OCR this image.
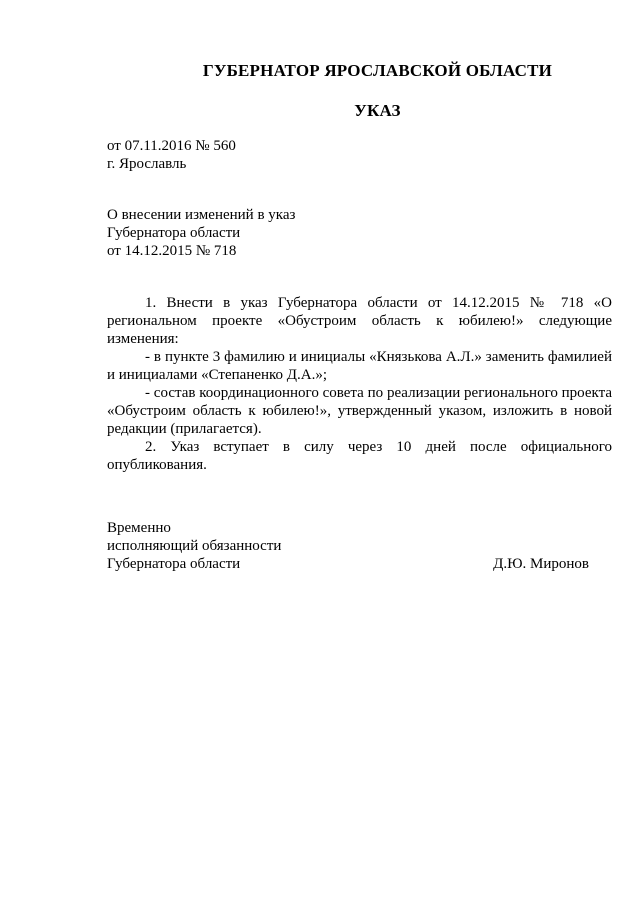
ГУБЕРНАТОР ЯРОСЛАВСКОЙ ОБЛАСТИ
УКАЗ
от 07.11.2016 № 560
г. Ярославль
О внесении изменений в указ
Губернатора области
от 14.12.2015 № 718

1. Внести в указ Губернатора области от 14.12.2015 № 718 «О региональном проекте «Обустроим область к юбилею!» следующие изменения:

- в пункте 3 фамилию и инициалы «Князькова А.Л.» заменить фамилией и инициалами «Степаненко Д.А.»;

- состав координационного совета по реализации регионального проекта «Обустроим область к юбилею!», утвержденный указом, изложить в новой редакции (прилагается).

2. Указ вступает в силу через 10 дней после официального опубликования.

Временно
исполняющий обязанности
Губернатора области	Д.Ю. Миронов
